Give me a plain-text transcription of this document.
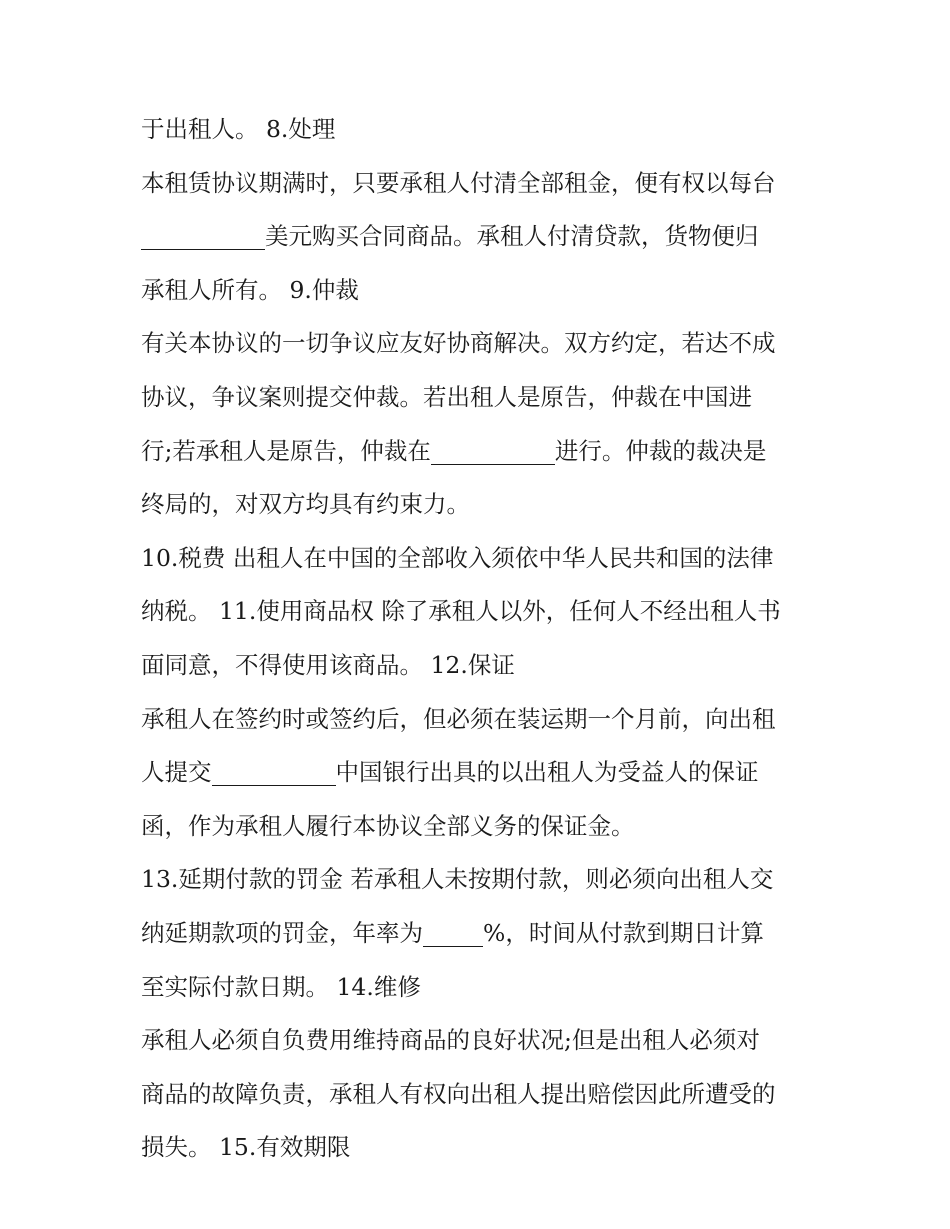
于出租人。 8.处理
本租赁协议期满时，只要承租人付清全部租金，便有权以每台
美元购买合同商品。承租人付清贷款，货物便归
承租人所有。 9.仲裁
有关本协议的一切争议应友好协商解决。双方约定，若达不成
协议，争议案则提交仲裁。若出租人是原告，仲裁在中国进
行;若承租人是原告，仲裁在	进行。仲裁的裁决是
终局的，对双方均具有约束力。
10.税费 出租人在中国的全部收入须依中华人民共和国的法律
纳税。 11.使用商品权 除了承租人以外，任何人不经出租人书
面同意，不得使用该商品。 12.保证
承租人在签约时或签约后，但必须在装运期一个月前，向出租
人提交	中国银行出具的以出租人为受益人的保证
函，作为承租人履行本协议全部义务的保证金。
13.延期付款的罚金 若承租人未按期付款，则必须向出租人交
纳延期款项的罚金，年率为	%，时间从付款到期日计算
至实际付款日期。 14.维修
承租人必须自负费用维持商品的良好状况;但是出租人必须对
商品的故障负责，承租人有权向出租人提出赔偿因此所遭受的
损失。 15.有效期限
